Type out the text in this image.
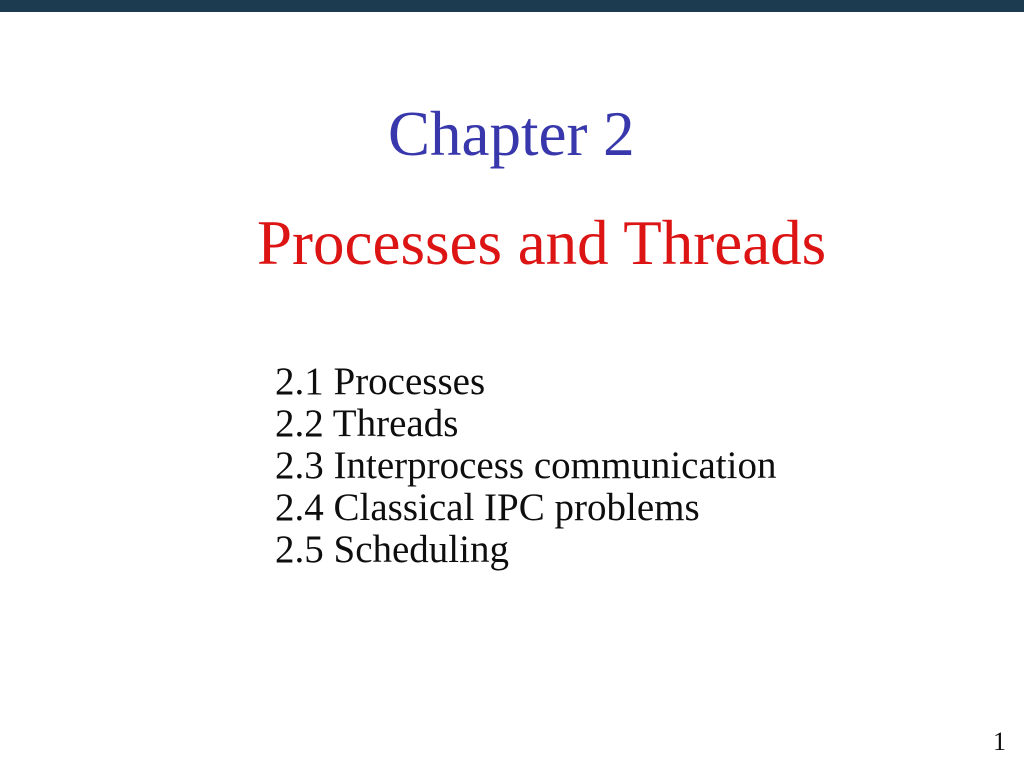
Chapter 2
Processes and Threads
2.1 Processes
2.2 Threads
2.3 Interprocess communication
2.4 Classical IPC problems
2.5 Scheduling
1
